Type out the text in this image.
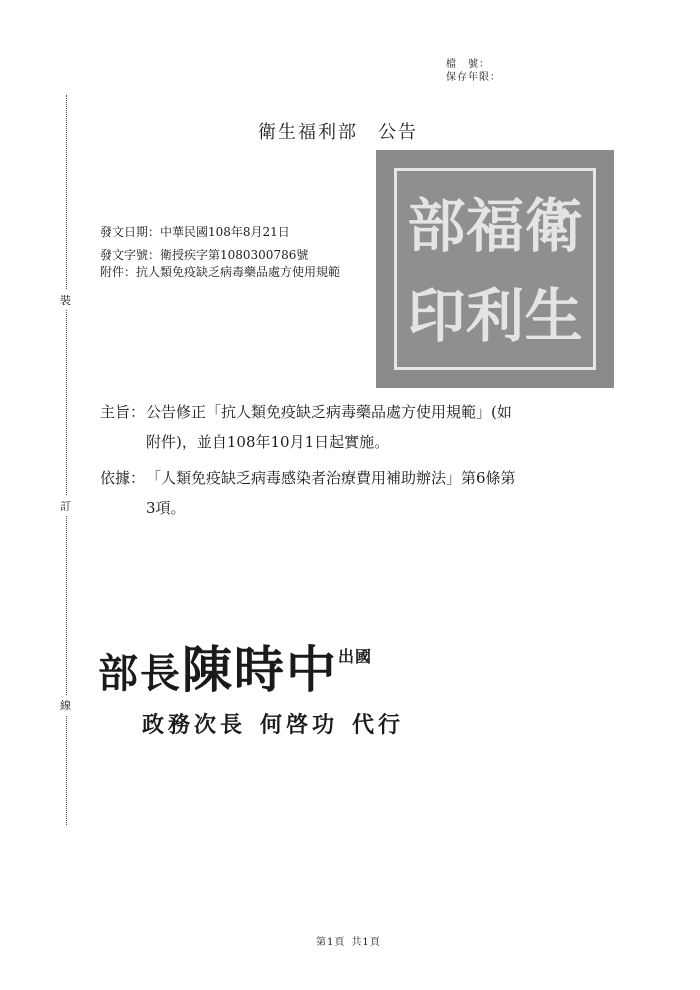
檔　號：
保存年限：
裝
訂
線
衛生福利部 公告
部 福 衛
印 利 生
發文日期：中華民國108年8月21日
發文字號：衛授疾字第1080300786號
附件：抗人類免疫缺乏病毒藥品處方使用規範
主旨：公告修正「抗人類免疫缺乏病毒藥品處方使用規範」(如
附件)，並自108年10月1日起實施。
依據：「人類免疫缺乏病毒感染者治療費用補助辦法」第6條第
3項。
部長陳時中$^{出國}$
政務次長 何啓功 代行
第1頁 共1頁
